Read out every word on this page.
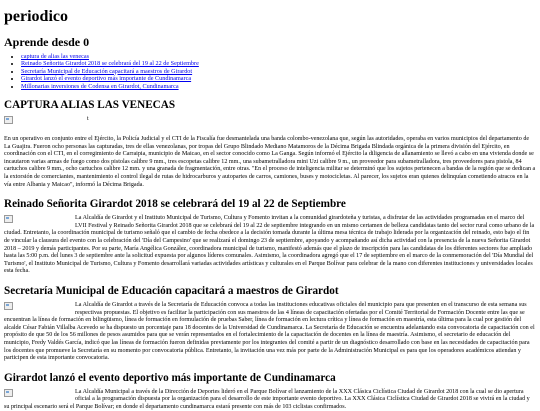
periodico
Aprende desde 0
• captura de alias las venecas
• Reinado Señorita Girardot 2018 se celebrará del 19 al 22 de Septiembre
• Secretaría Municipal de Educación capacitará a maestros de Girardot
• Girardot lanzó el evento deportivo más importante de Cundinamarca
• Millonarias inversiones de Codensa en Girardot, Cundinamarca
CAPTURA ALIAS LAS VENECAS
$^t$

En un operativo en conjunto entre el Ejército, la Policía Judicial y el CTI de la Fiscalía fue desmantelada una banda colombo-venezolana que, según las autoridades, operaba en varios municipios del departamento de La Guajira. Fueron ocho personas las capturadas, tres de ellas venezolanas, por tropas del Grupo Blindado Mediano Matamoros de la Décima Brigada Blindada orgánica de la primera división del Ejército, en coordinación con el CTI, en el corregimiento de Carraipia, municipio de Maicao, en el sector conocido como La Ganga. Según informó el Ejército la diligencia de allanamiento se llevó a cabo en una vivienda donde se incautaron varias armas de fuego como dos pistolas calibre 9 mm., tres escopetas calibre 12 mm., una subametralladora mini Uzi calibre 9 m., un proveedor para subametralladora, tres proveedores para pistola, 84 cartuchos calibre 9 mm., ocho cartuchos calibre 12 mm. y una granada de fragmentación, entre otras. "En el proceso de inteligencia militar se determinó que los sujetos pertenecen a bandas de la región que se dedican a la extorsión de comerciantes, mantenimiento el control ilegal de rutas de hidrocarburos y autopartes de carros, camiones, buses y motocicletas. Al parecer, los sujetos eran quienes delinquían cometiendo atracos en la vía entre Albania y Maicao", informó la Décima Brigada.

Reinado Señorita Girardot 2018 se celebrará del 19 al 22 de Septiembre

La Alcaldía de Girardot y el Instituto Municipal de Turismo, Cultura y Fomento invitan a la comunidad girardoteña y turistas, a disfrutar de las actividades programadas en el marco del LVII Festival y Reinado Señorita Girardot 2018 que se celebrará del 19 al 22 de septiembre integrando en un mismo certamen de belleza candidatas tanto del sector rural como urbano de la ciudad. Entretanto, la coordinación municipal de turismo señaló que el cambio de fecha obedece a la decisión tomada durante la última mesa técnica de trabajo liderada por la organización del reinado, esto bajo el fin de vincular la clausura del evento con la celebración del 'Día del Campesino' que se realizará el domingo 23 de septiembre, apoyando y acompañando así dicha actividad con la presencia de la nueva Señorita Girardot 2018 – 2019 y demás participantes. Por su parte, María Angélica González, coordinadora municipal de turismo, manifestó además que el plazo de inscripción para las candidatas de los diferentes sectores fue ampliado hasta las 5:00 p.m. del lunes 3 de septiembre ante la solicitud expuesta por algunos líderes comunales. Asimismo, la coordinadora agregó que el 17 de septiembre en el marco de la conmemoración del 'Día Mundial del Turismo', el Instituto Municipal de Turismo, Cultura y Fomento desarrollará variadas actividades artísticas y culturales en el Parque Bolívar para celebrar de la mano con diferentes instituciones y universidades locales esta fecha.

Secretaría Municipal de Educación capacitará a maestros de Girardot

La Alcaldía de Girardot a través de la Secretaría de Educación convoca a todas las instituciones educativas oficiales del municipio para que presenten en el transcurso de esta semana sus respectivas propuestas. El objetivo es facilitar la participación con sus maestros de las 4 líneas de capacitación ofertadas por el Comité Territorial de Formación Docente entre las que se encuentran la línea de formación en bilingüismo, línea de formación en formulación de pruebas Saber, línea de formación en lectura crítica y línea de formación en maestría, esta última para la cual por gestión del alcalde César Fabián Villalba Acevedo se ha dispuesto un porcentaje para 18 docentes de la Universidad de Cundinamarca. La Secretaría de Educación se encuentra adelantando esta convocatoria de capacitación con el propósito de que 50 de los 56 millones de pesos asumidos para que se verán representados en el fortalecimiento de la capacitación de docentes en la línea de maestría. Asimismo, el secretario de educación del municipio, Fredy Valdés García, indicó que las líneas de formación fueron definidas previamente por los integrantes del comité a partir de un diagnóstico desarrollado con base en las necesidades de capacitación para los docentes que promueve la Secretaría en su momento por convocatoria pública. Entretanto, la invitación una vez más por parte de la Administración Municipal es para que los operadores académicos atiendan y participen de esta importante convocatoria.

Girardot lanzó el evento deportivo más importante de Cundinamarca

La Alcaldía Municipal a través de la Dirección de Deportes lideró en el Parque Bolívar el lanzamiento de la XXX Clásica Ciclística Ciudad de Girardot 2018 con la cual se dio apertura oficial a la programación dispuesta por la organización para el desarrollo de este importante evento deportivo. La XXX Clásica Ciclística Ciudad de Girardot 2018 se vivirá en la ciudad y su principal escenario será el Parque Bolívar; en donde el departamento cundinamarca estará presente con más de 103 ciclistas confirmados.
